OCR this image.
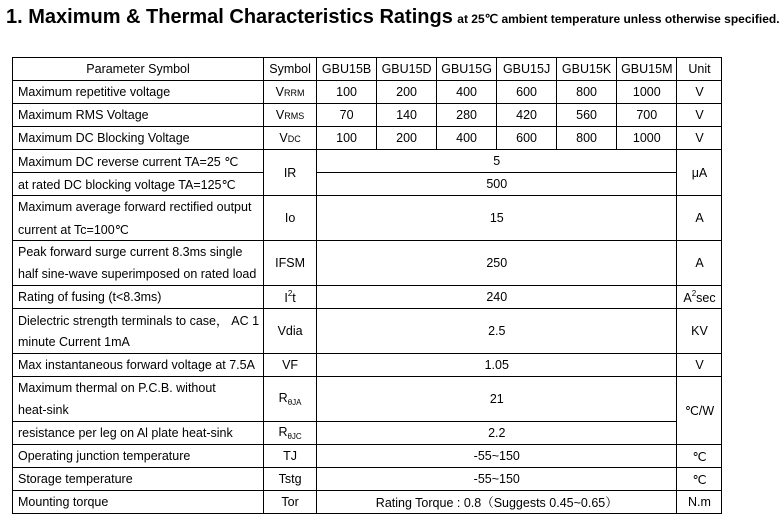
1. Maximum & Thermal Characteristics Ratings at 25℃ ambient temperature unless otherwise specified.
Parameter Symbol	Symbol	GBU15B	GBU15D	GBU15G	GBU15J	GBU15K	GBU15M	Unit
Maximum repetitive voltage	VRRM	100	200	400	600	800	1000	V
Maximum RMS Voltage	VRMS	70	140	280	420	560	700	V
Maximum DC Blocking Voltage	VDC	100	200	400	600	800	1000	V
Maximum DC reverse current TA=25 ℃	IR	5						μA
at rated DC blocking voltage TA=125℃		500						
Maximum average forward rectified output	Io	15						A
current at Tc=100℃								
Peak forward surge current 8.3ms single	IFSM	250						A
half sine-wave superimposed on rated load								
Rating of fusing (t<8.3ms)	$I^2t$	240						$A^2\sec$
Dielectric strength terminals to case， AC 1	Vdia	2.5						KV
minute Current 1mA								
Max instantaneous forward voltage at 7.5A	VF	1.05						V
Maximum thermal on P.C.B. without	$R_{\theta JA}$	21						℃/W
heat-sink								
resistance per leg on Al plate heat-sink	$R_{\theta JC}$	2.2						
Operating junction temperature	TJ	-55~150						℃
Storage temperature	Tstg	-55~150						℃
Mounting torque	Tor	Rating Torque : 0.8（Suggests 0.45~0.65）						N.m
